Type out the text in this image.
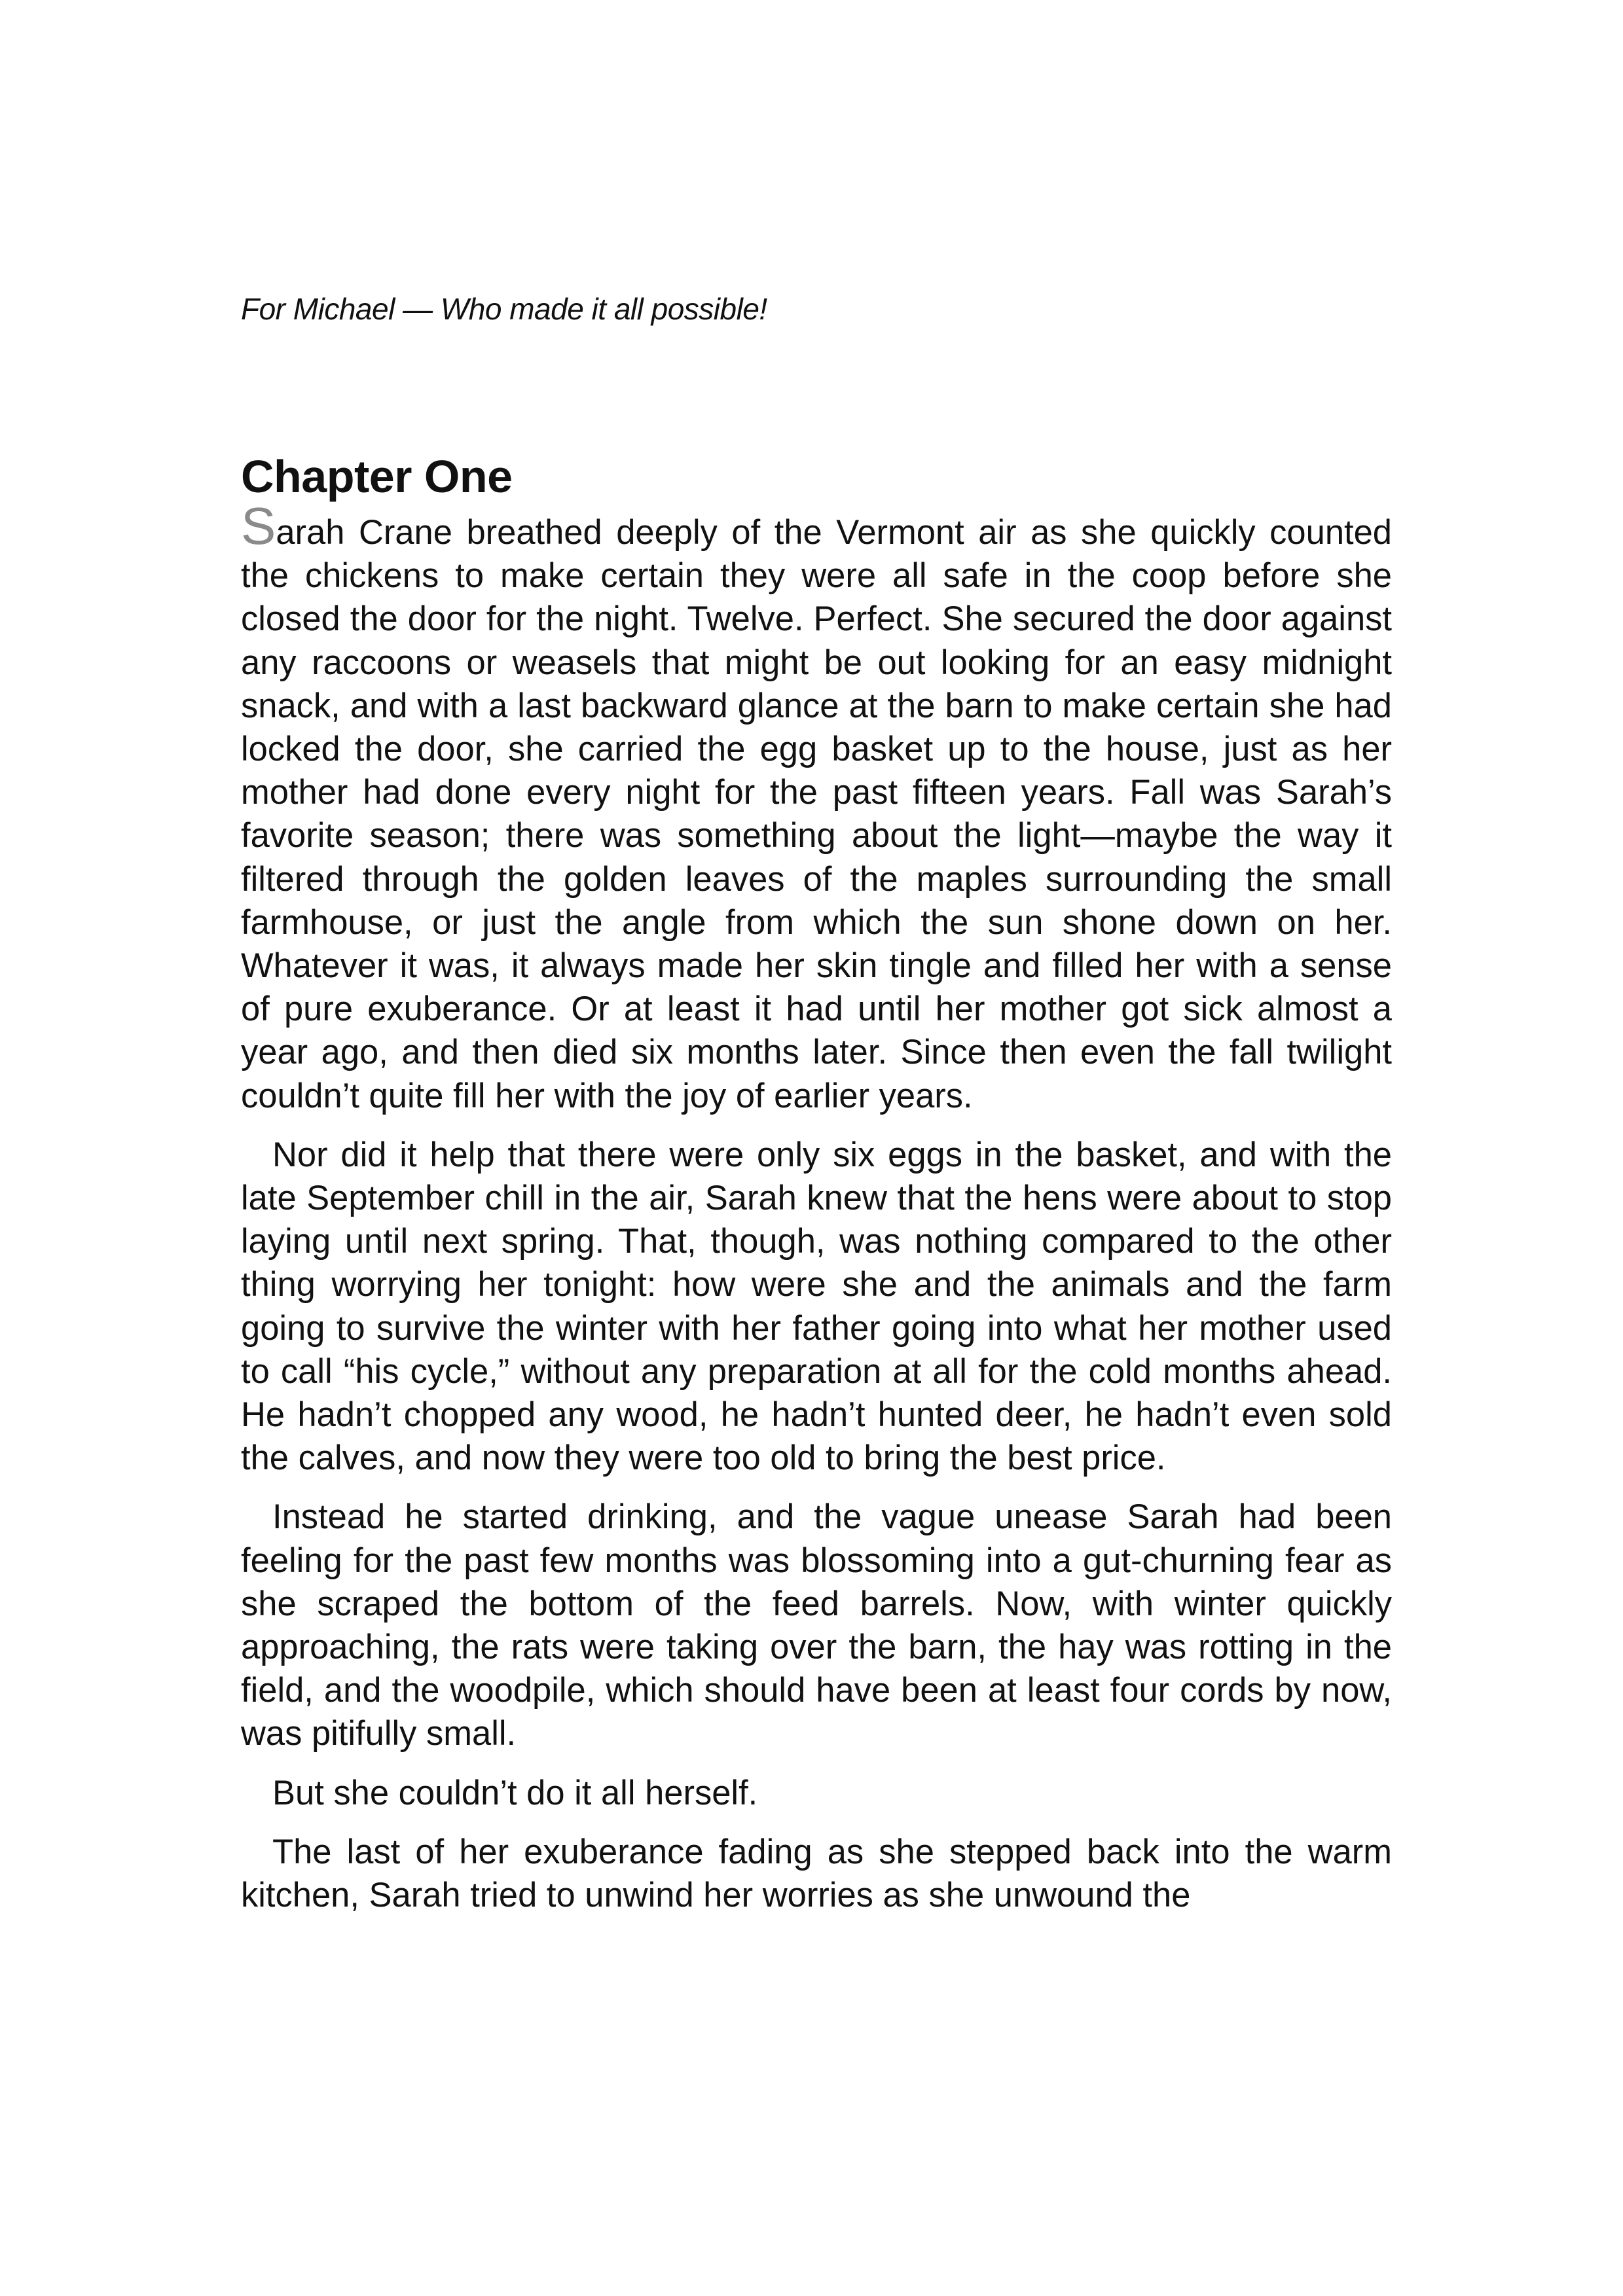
For Michael — Who made it all possible!

Chapter One

Sarah Crane breathed deeply of the Vermont air as she quickly counted the chickens to make certain they were all safe in the coop before she closed the door for the night. Twelve. Perfect. She secured the door against any raccoons or weasels that might be out looking for an easy midnight snack, and with a last backward glance at the barn to make certain she had locked the door, she carried the egg basket up to the house, just as her mother had done every night for the past fifteen years. Fall was Sarah’s favorite season; there was something about the light—maybe the way it filtered through the golden leaves of the maples surrounding the small farmhouse, or just the angle from which the sun shone down on her. Whatever it was, it always made her skin tingle and filled her with a sense of pure exuberance. Or at least it had until her mother got sick almost a year ago, and then died six months later. Since then even the fall twilight couldn’t quite fill her with the joy of earlier years.

Nor did it help that there were only six eggs in the basket, and with the late September chill in the air, Sarah knew that the hens were about to stop laying until next spring. That, though, was nothing compared to the other thing worrying her tonight: how were she and the animals and the farm going to survive the winter with her father going into what her mother used to call “his cycle,” without any preparation at all for the cold months ahead. He hadn’t chopped any wood, he hadn’t hunted deer, he hadn’t even sold the calves, and now they were too old to bring the best price.

Instead he started drinking, and the vague unease Sarah had been feeling for the past few months was blossoming into a gut-churning fear as she scraped the bottom of the feed barrels. Now, with winter quickly approaching, the rats were taking over the barn, the hay was rotting in the field, and the woodpile, which should have been at least four cords by now, was pitifully small.

But she couldn’t do it all herself.

The last of her exuberance fading as she stepped back into the warm kitchen, Sarah tried to unwind her worries as she unwound the
